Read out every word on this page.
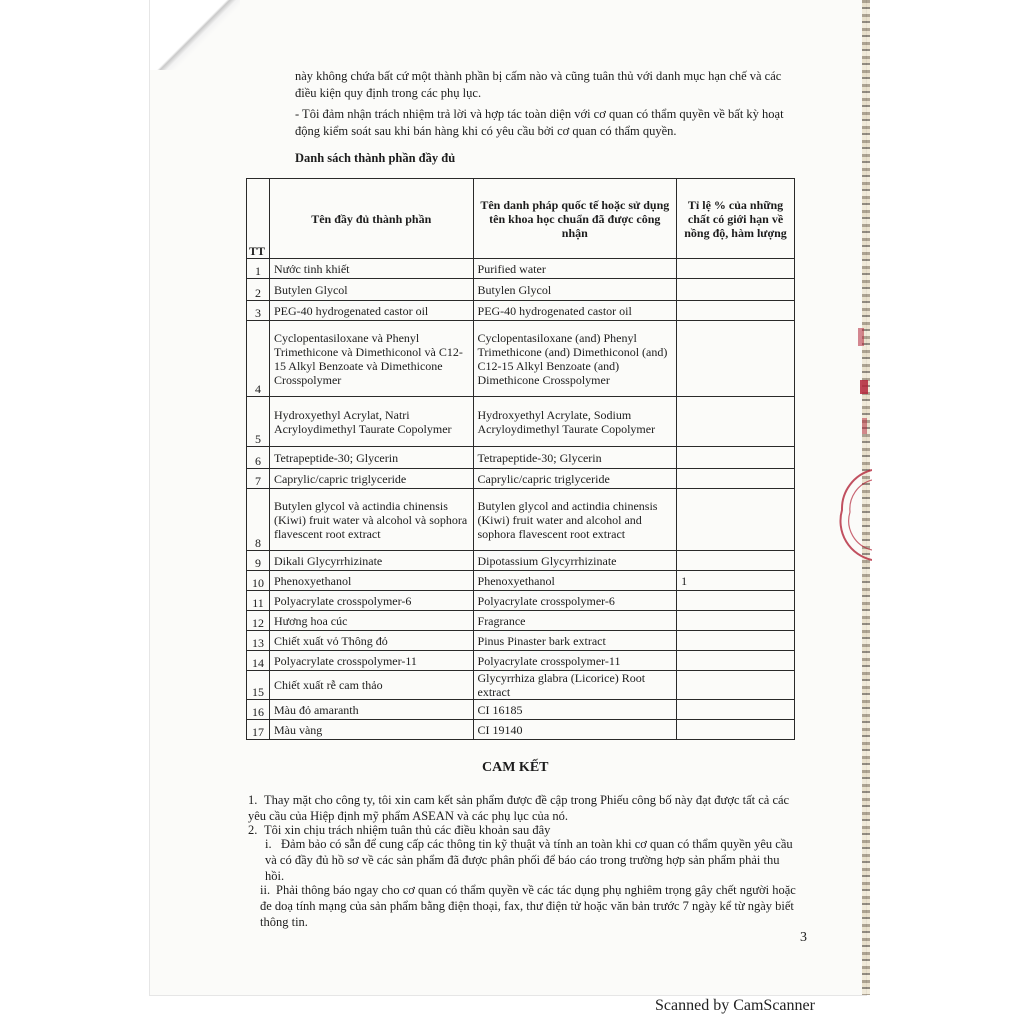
này không chứa bất cứ một thành phần bị cấm nào và cũng tuân thủ với danh mục hạn chế và các điều kiện quy định trong các phụ lục.
- Tôi đảm nhận trách nhiệm trả lời và hợp tác toàn diện với cơ quan có thẩm quyền về bất kỳ hoạt động kiểm soát sau khi bán hàng khi có yêu cầu bởi cơ quan có thẩm quyền.
Danh sách thành phần đầy đủ
TT	Tên đầy đủ thành phần	Tên danh pháp quốc tế hoặc sử dụng tên khoa học chuẩn đã được công nhận	Tỉ lệ % của những chất có giới hạn về nồng độ, hàm lượng
1	Nước tinh khiết	Purified water	
2	Butylen Glycol	Butylen Glycol	
3	PEG-40 hydrogenated castor oil	PEG-40 hydrogenated castor oil	
4	Cyclopentasiloxane và Phenyl Trimethicone và Dimethiconol và C12-15 Alkyl Benzoate và Dimethicone Crosspolymer	Cyclopentasiloxane (and) Phenyl Trimethicone (and) Dimethiconol (and) C12-15 Alkyl Benzoate (and) Dimethicone Crosspolymer	
5	Hydroxyethyl Acrylat, Natri Acryloydimethyl Taurate Copolymer	Hydroxyethyl Acrylate, Sodium Acryloydimethyl Taurate Copolymer	
6	Tetrapeptide-30; Glycerin	Tetrapeptide-30; Glycerin	
7	Caprylic/capric triglyceride	Caprylic/capric triglyceride	
8	Butylen glycol và actindia chinensis (Kiwi) fruit water và alcohol và sophora flavescent root extract	Butylen glycol and actindia chinensis (Kiwi) fruit water and alcohol and sophora flavescent root extract	
9	Dikali Glycyrrhizinate	Dipotassium Glycyrrhizinate	
10	Phenoxyethanol	Phenoxyethanol	1
11	Polyacrylate crosspolymer-6	Polyacrylate crosspolymer-6	
12	Hương hoa cúc	Fragrance	
13	Chiết xuất vỏ Thông đỏ	Pinus Pinaster bark extract	
14	Polyacrylate crosspolymer-11	Polyacrylate crosspolymer-11	
15	Chiết xuất rễ cam thảo	Glycyrrhiza glabra (Licorice) Root extract	
16	Màu đỏ amaranth	CI 16185	
17	Màu vàng	CI 19140	
CAM KẾT
1. Thay mặt cho công ty, tôi xin cam kết sản phẩm được đề cập trong Phiếu công bố này đạt được tất cả các yêu cầu của Hiệp định mỹ phẩm ASEAN và các phụ lục của nó.
2. Tôi xin chịu trách nhiệm tuân thủ các điều khoản sau đây
i. Đảm bảo có sẵn để cung cấp các thông tin kỹ thuật và tính an toàn khi cơ quan có thẩm quyền yêu cầu và có đầy đủ hồ sơ về các sản phẩm đã được phân phối để báo cáo trong trường hợp sản phẩm phải thu hồi.
ii. Phải thông báo ngay cho cơ quan có thẩm quyền về các tác dụng phụ nghiêm trọng gây chết người hoặc đe doạ tính mạng của sản phẩm bằng điện thoại, fax, thư điện tử hoặc văn bản trước 7 ngày kể từ ngày biết thông tin.
3
Scanned by CamScanner
